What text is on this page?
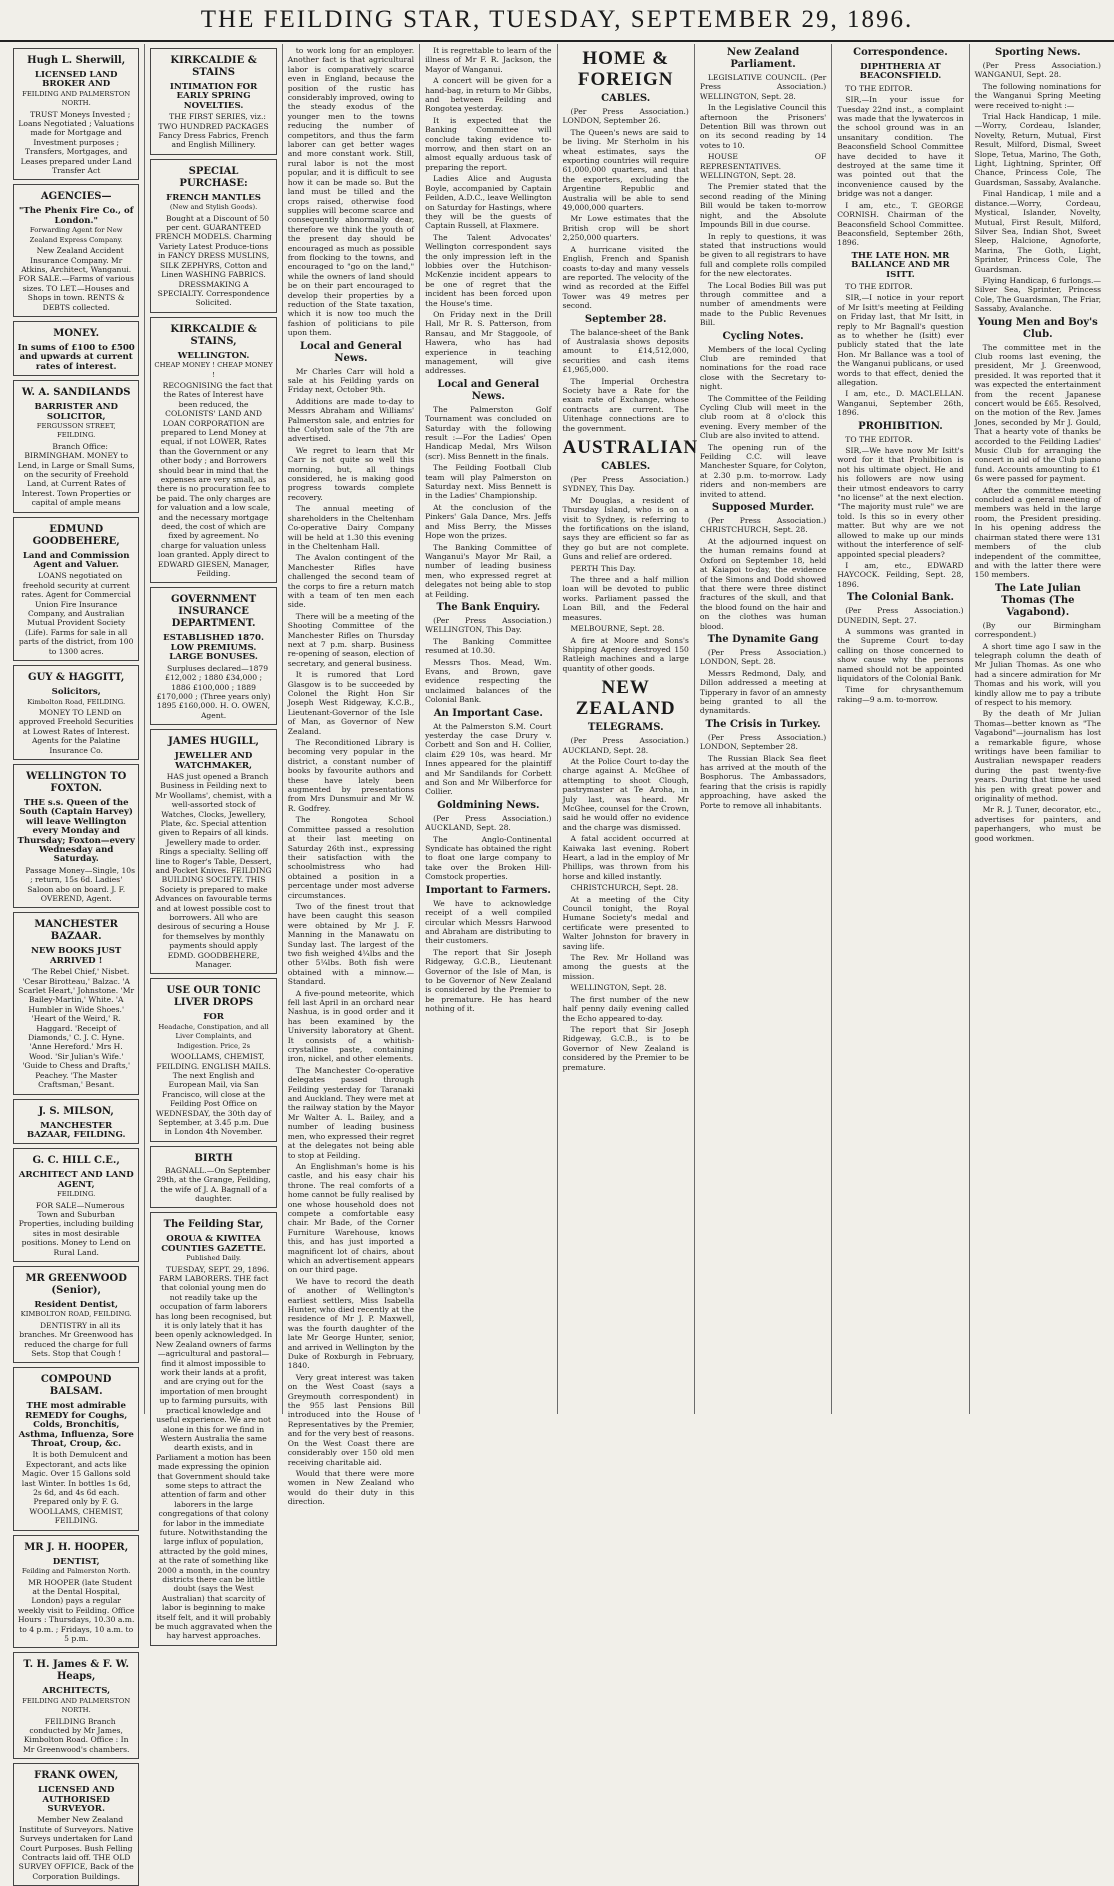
THE FEILDING STAR, TUESDAY, SEPTEMBER 29, 1896.
Hugh L. Sherwill,
LICENSED LAND BROKER AND
FEILDING AND PALMERSTON NORTH.

TRUST Moneys Invested ; Loans Negotiated ; Valuations made for Mortgage and Investment purposes ; Transfers, Mortgages, and Leases prepared under Land Transfer Act

AGENCIES—
"The Phenix Fire Co., of London."
Forwarding Agent for New Zealand Express Company.

New Zealand Accident Insurance Company. Mr Atkins, Architect, Wanganui. FOR SALE.—Farms of various sizes. TO LET.—Houses and Shops in town. RENTS & DEBTS collected.

MONEY.
In sums of £100 to £500 and upwards at current rates of interest.
W. A. SANDILANDS
BARRISTER AND SOLICITOR,
FERGUSSON STREET, FEILDING.

Branch Office: BIRMINGHAM. MONEY to Lend, in Large or Small Sums, on the security of Freehold Land, at Current Rates of Interest. Town Properties or capital of ample means

EDMUND GOODBEHERE,
Land and Commission Agent and Valuer.

LOANS negotiated on freehold security at current rates. Agent for Commercial Union Fire Insurance Company, and Australian Mutual Provident Society (Life). Farms for sale in all parts of the district, from 100 to 1300 acres.

GUY & HAGGITT,
Solicitors,
Kimbolton Road, FEILDING.

MONEY TO LEND on approved Freehold Securities at Lowest Rates of Interest. Agents for the Palatine Insurance Co.

WELLINGTON TO FOXTON.
THE s.s. Queen of the South (Captain Harvey) will leave Wellington every Monday and Thursday; Foxton—every Wednesday and Saturday.

Passage Money—Single, 10s ; return, 15s 6d. Ladies' Saloon abo on board. J. F. OVEREND, Agent.

MANCHESTER BAZAAR.
NEW BOOKS JUST ARRIVED !

'The Rebel Chief,' Nisbet. 'Cesar Birotteau,' Balzac. 'A Scarlet Heart,' Johnstone. 'Mr Bailey-Martin,' White. 'A Humbler in Wide Shoes.' 'Heart of the Weird,' R. Haggard. 'Receipt of Diamonds,' C. J. C. Hyne. 'Anne Hereford.' Mrs H. Wood. 'Sir Julian's Wife.' 'Guide to Chess and Drafts,' Peachey. 'The Master Craftsman,' Besant.

J. S. MILSON,
MANCHESTER BAZAAR, FEILDING.
G. C. HILL C.E.,
ARCHITECT AND LAND AGENT,
FEILDING.

FOR SALE—Numerous Town and Suburban Properties, including building sites in most desirable positions. Money to Lend on Rural Land.

MR GREENWOOD (Senior),
Resident Dentist,
KIMBOLTON ROAD, FEILDING.

DENTISTRY in all its branches. Mr Greenwood has reduced the charge for full Sets. Stop that Cough !

COMPOUND BALSAM.
THE most admirable REMEDY for Coughs, Colds, Bronchitis, Asthma, Influenza, Sore Throat, Croup, &c.

It is both Demulcent and Expectorant, and acts like Magic. Over 15 Gallons sold last Winter. In bottles 1s 6d, 2s 6d, and 4s 6d each. Prepared only by F. G. WOOLLAMS, CHEMIST, FEILDING.

MR J. H. HOOPER,
DENTIST,
Feilding and Palmerston North.

MR HOOPER (late Student at the Dental Hospital, London) pays a regular weekly visit to Feilding. Office Hours : Thursdays, 10.30 a.m. to 4 p.m. ; Fridays, 10 a.m. to 5 p.m.

T. H. James & F. W. Heaps,
ARCHITECTS,
FEILDING AND PALMERSTON NORTH.

FEILDING Branch conducted by Mr James, Kimbolton Road. Office : In Mr Greenwood's chambers.

FRANK OWEN,
LICENSED AND AUTHORISED SURVEYOR.

Member New Zealand Institute of Surveyors. Native Surveys undertaken for Land Court Purposes. Bush Felling Contracts laid off. THE OLD SURVEY OFFICE, Back of the Corporation Buildings.

KIRKCALDIE & STAINS
INTIMATION FOR EARLY SPRING NOVELTIES.

THE FIRST SERIES, viz.: TWO HUNDRED PACKAGES Fancy Dress Fabrics, French and English Millinery.

SPECIAL PURCHASE:
FRENCH MANTLES
(New and Stylish Goods).

Bought at a Discount of 50 per cent. GUARANTEED FRENCH MODELS. Charming Variety Latest Produce-tions in FANCY DRESS MUSLINS, SILK ZEPHYRS, Cotton and Linen WASHING FABRICS. DRESSMAKING A SPECIALTY. Correspondence Solicited.

KIRKCALDIE & STAINS,
WELLINGTON.
CHEAP MONEY ! CHEAP MONEY !

RECOGNISING the fact that the Rates of Interest have been reduced, the COLONISTS' LAND AND LOAN CORPORATION are prepared to Lend Money at equal, if not LOWER, Rates than the Government or any other body ; and Borrowers should bear in mind that the expenses are very small, as there is no procuration fee to be paid. The only charges are for valuation and a low scale, and the necessary mortgage deed, the cost of which are fixed by agreement. No charge for valuation unless loan granted. Apply direct to EDWARD GIESEN, Manager, Feilding.

GOVERNMENT INSURANCE DEPARTMENT.
ESTABLISHED 1870. LOW PREMIUMS. LARGE BONUSES.

Surpluses declared—1879 £12,002 ; 1880 £34,000 ; 1886 £100,000 ; 1889 £170,000 ; (Three years only) 1895 £160,000. H. O. OWEN, Agent.

JAMES HUGILL,
JEWELLER AND WATCHMAKER,

HAS just opened a Branch Business in Feilding next to Mr Woollams', chemist, with a well-assorted stock of Watches, Clocks, Jewellery, Plate, &c. Special attention given to Repairs of all kinds. Jewellery made to order. Rings a specialty. Selling off line to Roger's Table, Dessert, and Pocket Knives. FEILDING BUILDING SOCIETY. THIS Society is prepared to make Advances on favourable terms and at lowest possible cost to borrowers. All who are desirous of securing a House for themselves by monthly payments should apply EDMD. GOODBEHERE, Manager.

USE OUR TONIC LIVER DROPS
FOR
Headache, Constipation, and all Liver Complaints, and Indigestion. Price, 2s

WOOLLAMS, CHEMIST, FEILDING. ENGLISH MAILS. The next English and European Mail, via San Francisco, will close at the Feilding Post Office on WEDNESDAY, the 30th day of September, at 3.45 p.m. Due in London 4th November.

BIRTH

BAGNALL.—On September 29th, at the Grange, Feilding, the wife of J. A. Bagnall of a daughter.

The Feilding Star,
OROUA & KIWITEA COUNTIES GAZETTE.
Published Daily.

TUESDAY, SEPT. 29, 1896. FARM LABORERS. THE fact that colonial young men do not readily take up the occupation of farm laborers has long been recognised, but it is only lately that it has been openly acknowledged. In New Zealand owners of farms—agricultural and pastoral—find it almost impossible to work their lands at a profit, and are crying out for the importation of men brought up to farming pursuits, with practical knowledge and useful experience. We are not alone in this for we find in Western Australia the same dearth exists, and in Parliament a motion has been made expressing the opinion that Government should take some steps to attract the attention of farm and other laborers in the large congregations of that colony for labor in the immediate future. Notwithstanding the large influx of population, attracted by the gold mines, at the rate of something like 2000 a month, in the country districts there can be little doubt (says the West Australian) that scarcity of labor is beginning to make itself felt, and it will probably be much aggravated when the hay harvest approaches.

to work long for an employer. Another fact is that agricultural labor is comparatively scarce even in England, because the position of the rustic has considerably improved, owing to the steady exodus of the younger men to the towns reducing the number of competitors, and thus the farm laborer can get better wages and more constant work. Still, rural labor is not the most popular, and it is difficult to see how it can be made so. But the land must be tilled and the crops raised, otherwise food supplies will become scarce and consequently abnormally dear, therefore we think the youth of the present day should be encouraged as much as possible from flocking to the towns, and encouraged to "go on the land," while the owners of land should be on their part encouraged to develop their properties by a reduction of the State taxation, which it is now too much the fashion of politicians to pile upon them.

Local and General News.

Mr Charles Carr will hold a sale at his Feilding yards on Friday next, October 9th.

Additions are made to-day to Messrs Abraham and Williams' Palmerston sale, and entries for the Colyton sale of the 7th are advertised.

We regret to learn that Mr Carr is not quite so well this morning, but, all things considered, he is making good progress towards complete recovery.

The annual meeting of shareholders in the Cheltenham Co-operative Dairy Company will be held at 1.30 this evening in the Cheltenham Hall.

The Avalon contingent of the Manchester Rifles have challenged the second team of the corps to fire a return match with a team of ten men each side.

There will be a meeting of the Shooting Committee of the Manchester Rifles on Thursday next at 7 p.m. sharp. Business re-opening of season, election of secretary, and general business.

It is rumored that Lord Glasgow is to be succeeded by Colonel the Right Hon Sir Joseph West Ridgeway, K.C.B., Lieutenant-Governor of the Isle of Man, as Governor of New Zealand.

The Reconditioned Library is becoming very popular in the district, a constant number of books by favourite authors and these have lately been augmented by presentations from Mrs Dunsmuir and Mr W. R. Godfrey.

The Rongotea School Committee passed a resolution at their last meeting on Saturday 26th inst., expressing their satisfaction with the schoolmistress who had obtained a position in a percentage under most adverse circumstances.

Two of the finest trout that have been caught this season were obtained by Mr J. F. Manning in the Manawatu on Sunday last. The largest of the two fish weighed 4¼lbs and the other 5¼lbs. Both fish were obtained with a minnow.—Standard.

A five-pound meteorite, which fell last April in an orchard near Nashua, is in good order and it has been examined by the University laboratory at Ghent. It consists of a whitish-crystalline paste, containing iron, nickel, and other elements.

The Manchester Co-operative delegates passed through Feilding yesterday for Taranaki and Auckland. They were met at the railway station by the Mayor Mr Walter A. L. Bailey, and a number of leading business men, who expressed their regret at the delegates not being able to stop at Feilding.

An Englishman's home is his castle, and his easy chair his throne. The real comforts of a home cannot be fully realised by one whose household does not compete a comfortable easy chair. Mr Bade, of the Corner Furniture Warehouse, knows this, and has just imported a magnificent lot of chairs, about which an advertisement appears on our third page.

We have to record the death of another of Wellington's earliest settlers, Miss Isabella Hunter, who died recently at the residence of Mr J. P. Maxwell, was the fourth daughter of the late Mr George Hunter, senior, and arrived in Wellington by the Duke of Roxburgh in February, 1840.

Very great interest was taken on the West Coast (says a Greymouth correspondent) in the 955 last Pensions Bill introduced into the House of Representatives by the Premier, and for the very best of reasons. On the West Coast there are considerably over 150 old men receiving charitable aid.

Would that there were more women in New Zealand who would do their duty in this direction.

It is regrettable to learn of the illness of Mr F. R. Jackson, the Mayor of Wanganui.

A concert will be given for a hand-bag, in return to Mr Gibbs, and between Feilding and Rongotea yesterday.

It is expected that the Banking Committee will conclude taking evidence to-morrow, and then start on an almost equally arduous task of preparing the report.

Ladies Alice and Augusta Boyle, accompanied by Captain Feilden, A.D.C., leave Wellington on Saturday for Hastings, where they will be the guests of Captain Russell, at Flaxmere.

The Talent Advocates' Wellington correspondent says the only impression left in the lobbies over the Hutchison-McKenzie incident appears to be one of regret that the incident has been forced upon the House's time.

On Friday next in the Drill Hall, Mr R. S. Patterson, from Ransau, and Mr Staggoole, of Hawera, who has had experience in teaching management, will give addresses.

Local and General News.

The Palmerston Golf Tournament was concluded on Saturday with the following result :—For the Ladies' Open Handicap Medal, Mrs Wilson (scr). Miss Bennett in the finals.

The Feilding Football Club team will play Palmerston on Saturday next. Miss Bennett is in the Ladies' Championship.

At the conclusion of the Pinkers' Gala Dance, Mrs. Jeffs and Miss Berry, the Misses Hope won the prizes.

The Banking Committee of Wanganui's Mayor Mr Rail, a number of leading business men, who expressed regret at delegates not being able to stop at Feilding.

The Bank Enquiry.

(Per Press Association.) WELLINGTON, This Day.

The Banking Committee resumed at 10.30.

Messrs Thos. Mead, Wm. Evans, and Brown, gave evidence respecting the unclaimed balances of the Colonial Bank.

An Important Case.

At the Palmerston S.M. Court yesterday the case Drury v. Corbett and Son and H. Collier, claim £29 10s, was heard. Mr Innes appeared for the plaintiff and Mr Sandilands for Corbett and Son and Mr Wilberforce for Collier.

Goldmining News.

(Per Press Association.) AUCKLAND, Sept. 28.

The Anglo-Continental Syndicate has obtained the right to float one large company to take over the Broken Hill-Comstock properties.

Important to Farmers.

We have to acknowledge receipt of a well compiled circular which Messrs Harwood and Abraham are distributing to their customers.

The report that Sir Joseph Ridgeway, G.C.B., Lieutenant Governor of the Isle of Man, is to be Governor of New Zealand is considered by the Premier to be premature. He has heard nothing of it.

HOME & FOREIGN
CABLES.

(Per Press Association.) LONDON, September 26.

The Queen's news are said to be living. Mr Sterholm in his wheat estimates, says the exporting countries will require 61,000,000 quarters, and that the exporters, excluding the Argentine Republic and Australia will be able to send 49,000,000 quarters.

Mr Lowe estimates that the British crop will be short 2,250,000 quarters.

A hurricane visited the English, French and Spanish coasts to-day and many vessels are reported. The velocity of the wind as recorded at the Eiffel Tower was 49 metres per second.

September 28.

The balance-sheet of the Bank of Australasia shows deposits amount to £14,512,000, securities and cash items £1,965,000.

The Imperial Orchestra Society have a Rate for the exam rate of Exchange, whose contracts are current. The Uitenhage connections are to the government.

AUSTRALIAN
CABLES.

(Per Press Association.) SYDNEY, This Day.

Mr Douglas, a resident of Thursday Island, who is on a visit to Sydney, is referring to the fortifications on the island, says they are efficient so far as they go but are not complete. Guns and relief are ordered.

PERTH This Day.

The three and a half million loan will be devoted to public works. Parliament passed the Loan Bill, and the Federal measures.

MELBOURNE, Sept. 28.

A fire at Moore and Sons's Shipping Agency destroyed 150 Ratleigh machines and a large quantity of other goods.

NEW ZEALAND
TELEGRAMS.

(Per Press Association.) AUCKLAND, Sept. 28.

At the Police Court to-day the charge against A. McGhee of attempting to shoot Clough, pastrymaster at Te Aroha, in July last, was heard. Mr McGhee, counsel for the Crown, said he would offer no evidence and the charge was dismissed.

A fatal accident occurred at Kaiwaka last evening. Robert Heart, a lad in the employ of Mr Phillips, was thrown from his horse and killed instantly.

CHRISTCHURCH, Sept. 28.

At a meeting of the City Council tonight, the Royal Humane Society's medal and certificate were presented to Walter Johnston for bravery in saving life.

The Rev. Mr Holland was among the guests at the mission.

WELLINGTON, Sept. 28.

The first number of the new half penny daily evening called the Echo appeared to-day.

The report that Sir Joseph Ridgeway, G.C.B., is to be Governor of New Zealand is considered by the Premier to be premature.

New Zealand Parliament.

LEGISLATIVE COUNCIL. (Per Press Association.) WELLINGTON, Sept. 28.

In the Legislative Council this afternoon the Prisoners' Detention Bill was thrown out on its second reading by 14 votes to 10.

HOUSE OF REPRESENTATIVES. WELLINGTON, Sept. 28.

The Premier stated that the second reading of the Mining Bill would be taken to-morrow night, and the Absolute Impounds Bill in due course.

In reply to questions, it was stated that instructions would be given to all registrars to have full and complete rolls compiled for the new electorates.

The Local Bodies Bill was put through committee and a number of amendments were made to the Public Revenues Bill.

Cycling Notes.

Members of the local Cycling Club are reminded that nominations for the road race close with the Secretary to-night.

The Committee of the Feilding Cycling Club will meet in the club room at 8 o'clock this evening. Every member of the Club are also invited to attend.

The opening run of the Feilding C.C. will leave Manchester Square, for Colyton, at 2.30 p.m. to-morrow. Lady riders and non-members are invited to attend.

Supposed Murder.

(Per Press Association.) CHRISTCHURCH, Sept. 28.

At the adjourned inquest on the human remains found at Oxford on September 18, held at Kaiapoi to-day, the evidence of the Simons and Dodd showed that there were three distinct fractures of the skull, and that the blood found on the hair and on the clothes was human blood.

The Dynamite Gang

(Per Press Association.) LONDON, Sept. 28.

Messrs Redmond, Daly, and Dillon addressed a meeting at Tipperary in favor of an amnesty being granted to all the dynamitards.

The Crisis in Turkey.

(Per Press Association.) LONDON, September 28.

The Russian Black Sea fleet has arrived at the mouth of the Bosphorus. The Ambassadors, fearing that the crisis is rapidly approaching, have asked the Porte to remove all inhabitants.

Correspondence.
DIPHTHERIA AT BEACONSFIELD.

TO THE EDITOR.

SIR,—In your issue for Tuesday 22nd inst., a complaint was made that the lywatercos in the school ground was in an unsanitary condition. The Beaconsfield School Committee have decided to have it destroyed at the same time it was pointed out that the inconvenience caused by the bridge was not a danger.

I am, etc., T. GEORGE CORNISH. Chairman of the Beaconsfield School Committee. Beaconsfield, September 26th, 1896.

THE LATE HON. MR BALLANCE AND MR ISITT.

TO THE EDITOR.

SIR,—I notice in your report of Mr Isitt's meeting at Feilding on Friday last, that Mr Isitt, in reply to Mr Bagnall's question as to whether he (Isitt) ever publicly stated that the late Hon. Mr Ballance was a tool of the Wanganui publicans, or used words to that effect, denied the allegation.

I am, etc., D. MACLELLAN. Wanganui, September 26th, 1896.

PROHIBITION.

TO THE EDITOR.

SIR,—We have now Mr Isitt's word for it that Prohibition is not his ultimate object. He and his followers are now using their utmost endeavors to carry "no license" at the next election. "The majority must rule" we are told. Is this so in every other matter. But why are we not allowed to make up our minds without the interference of self-appointed special pleaders?

I am, etc., EDWARD HAYCOCK. Feilding, Sept. 28, 1896.

The Colonial Bank.

(Per Press Association.) DUNEDIN, Sept. 27.

A summons was granted in the Supreme Court to-day calling on those concerned to show cause why the persons named should not be appointed liquidators of the Colonial Bank.

Time for chrysanthemum raking—9 a.m. to-morrow.

Sporting News.

(Per Press Association.) WANGANUI, Sept. 28.

The following nominations for the Wanganui Spring Meeting were received to-night :—

Trial Hack Handicap, 1 mile.—Worry, Cordeau, Islander, Novelty, Return, Mutual, First Result, Milford, Dismal, Sweet Slope, Tetua, Marino, The Goth, Light, Lightning, Sprinter, Off Chance, Princess Cole, The Guardsman, Sassaby, Avalanche.

Final Handicap, 1 mile and a distance.—Worry, Cordeau, Mystical, Islander, Novelty, Mutual, First Result, Milford, Silver Sea, Indian Shot, Sweet Sleep, Halcione, Agnoforte, Marina, The Goth, Light, Sprinter, Princess Cole, The Guardsman.

Flying Handicap, 6 furlongs.—Silver Sea, Sprinter, Princess Cole, The Guardsman, The Friar, Sassaby, Avalanche.

Young Men and Boy's Club.

The committee met in the Club rooms last evening, the president, Mr J. Greenwood, presided. It was reported that it was expected the entertainment from the recent Japanese concert would be £65. Resolved, on the motion of the Rev. James Jones, seconded by Mr J. Gould, That a hearty vote of thanks be accorded to the Feilding Ladies' Music Club for arranging the concert in aid of the Club piano fund. Accounts amounting to £1 6s were passed for payment.

After the committee meeting concluded a general meeting of members was held in the large room, the President presiding. In his opening address the chairman stated there were 131 members of the club independent of the committee, and with the latter there were 150 members.

The Late Julian Thomas (The Vagabond).

(By our Birmingham correspondent.)

A short time ago I saw in the telegraph column the death of Mr Julian Thomas. As one who had a sincere admiration for Mr Thomas and his work, will you kindly allow me to pay a tribute of respect to his memory.

By the death of Mr Julian Thomas—better known as "The Vagabond"—journalism has lost a remarkable figure, whose writings have been familiar to Australian newspaper readers during the past twenty-five years. During that time he used his pen with great power and originality of method.

Mr R. J. Tuner, decorator, etc., advertises for painters, and paperhangers, who must be good workmen.
